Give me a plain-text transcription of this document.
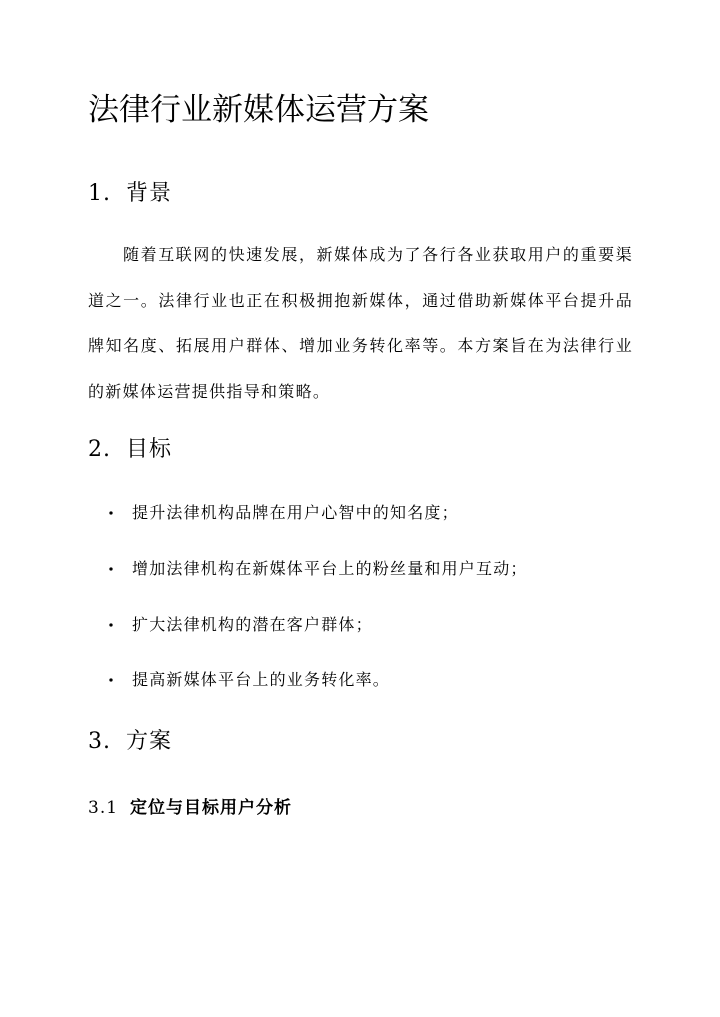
法律行业新媒体运营方案
1. 背景

随着互联网的快速发展，新媒体成为了各行各业获取用户的重要渠道之一。法律行业也正在积极拥抱新媒体，通过借助新媒体平台提升品牌知名度、拓展用户群体、增加业务转化率等。本方案旨在为法律行业的新媒体运营提供指导和策略。

2. 目标

提升法律机构品牌在用户心智中的知名度；

增加法律机构在新媒体平台上的粉丝量和用户互动；

扩大法律机构的潜在客户群体；

提高新媒体平台上的业务转化率。

3. 方案
3.1 定位与目标用户分析
